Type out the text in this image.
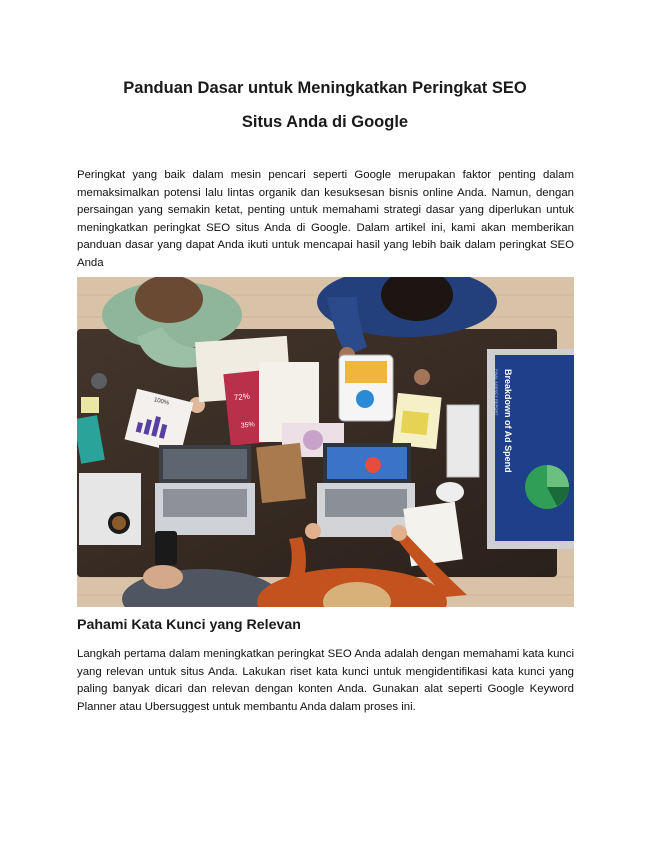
Panduan Dasar untuk Meningkatkan Peringkat SEO
Situs Anda di Google

Peringkat yang baik dalam mesin pencari seperti Google merupakan faktor penting dalam memaksimalkan potensi lalu lintas organik dan kesuksesan bisnis online Anda. Namun, dengan persaingan yang semakin ketat, penting untuk memahami strategi dasar yang diperlukan untuk meningkatkan peringkat SEO situs Anda di Google. Dalam artikel ini, kami akan memberikan panduan dasar yang dapat Anda ikuti untuk mencapai hasil yang lebih baik dalam peringkat SEO Anda

72%
35%
100%	Breakdown of Ad Spend
FINAL AGENCY REPORT
Pahami Kata Kunci yang Relevan

Langkah pertama dalam meningkatkan peringkat SEO Anda adalah dengan memahami kata kunci yang relevan untuk situs Anda. Lakukan riset kata kunci untuk mengidentifikasi kata kunci yang paling banyak dicari dan relevan dengan konten Anda. Gunakan alat seperti Google Keyword Planner atau Ubersuggest untuk membantu Anda dalam proses ini.
